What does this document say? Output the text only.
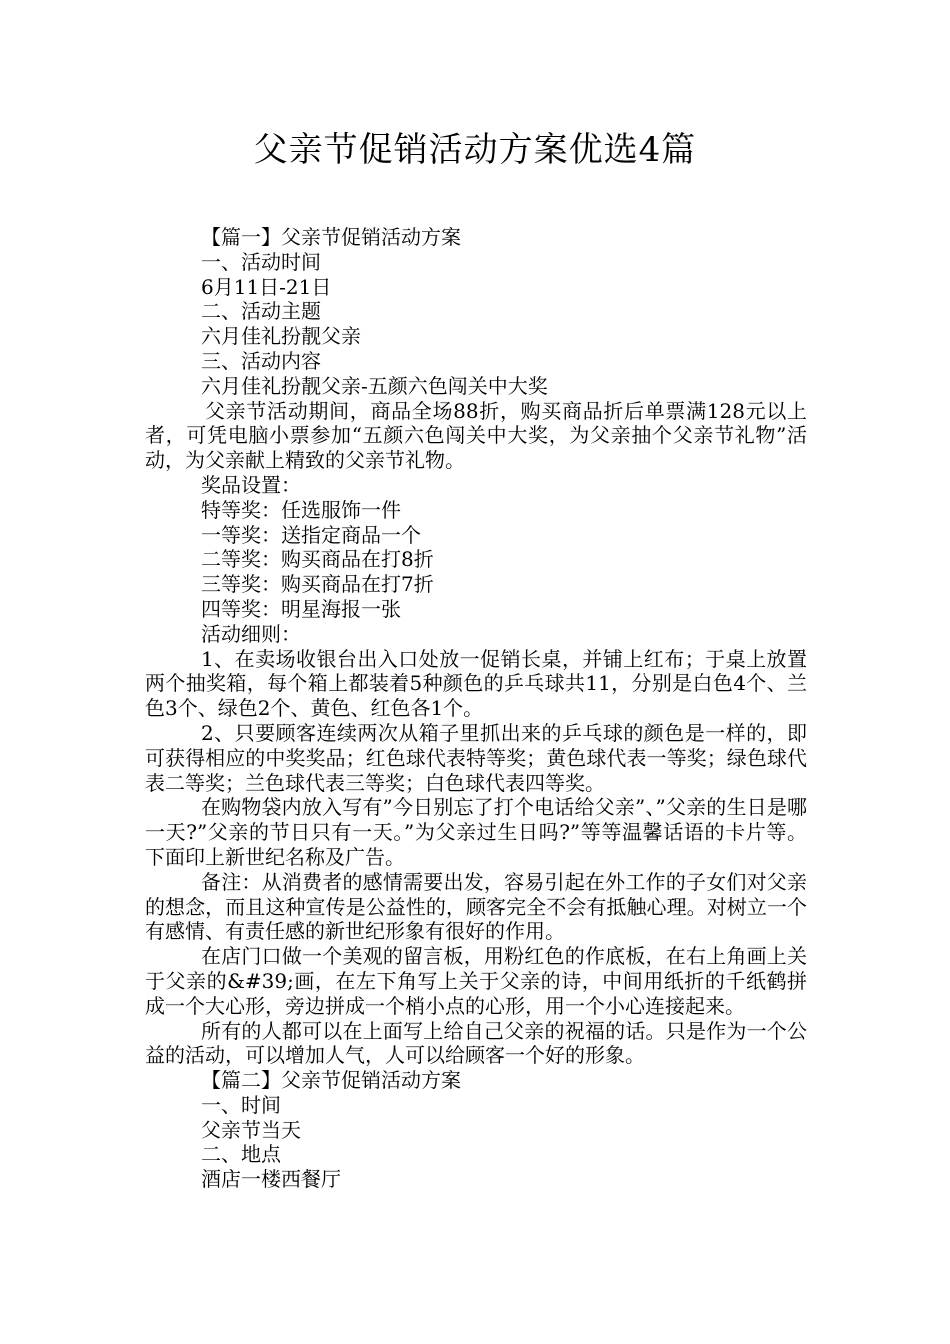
父亲节促销活动方案优选4篇
【篇一】父亲节促销活动方案
一、活动时间
6月11日-21日
二、活动主题
六月佳礼扮靓父亲
三、活动内容
六月佳礼扮靓父亲-五颜六色闯关中大奖
父亲节活动期间，商品全场88折，购买商品折后单票满128元以上者，可凭电脑小票参加“五颜六色闯关中大奖，为父亲抽个父亲节礼物”活动，为父亲献上精致的父亲节礼物。
奖品设置：
特等奖：任选服饰一件
一等奖：送指定商品一个
二等奖：购买商品在打8折
三等奖：购买商品在打7折
四等奖：明星海报一张
活动细则：
1、在卖场收银台出入口处放一促销长桌，并铺上红布；于桌上放置两个抽奖箱，每个箱上都装着5种颜色的乒乓球共11，分别是白色4个、兰色3个、绿色2个、黄色、红色各1个。
2、只要顾客连续两次从箱子里抓出来的乒乓球的颜色是一样的，即可获得相应的中奖奖品；红色球代表特等奖；黄色球代表一等奖；绿色球代表二等奖；兰色球代表三等奖；白色球代表四等奖。
在购物袋内放入写有”今日别忘了打个电话给父亲”、”父亲的生日是哪一天?”父亲的节日只有一天。”为父亲过生日吗?”等等温馨话语的卡片等。下面印上新世纪名称及广告。
备注：从消费者的感情需要出发，容易引起在外工作的子女们对父亲的想念，而且这种宣传是公益性的，顾客完全不会有抵触心理。对树立一个有感情、有责任感的新世纪形象有很好的作用。
在店门口做一个美观的留言板，用粉红色的作底板，在右上角画上关于父亲的&#39;画，在左下角写上关于父亲的诗，中间用纸折的千纸鹤拼成一个大心形，旁边拼成一个梢小点的心形，用一个小心连接起来。
所有的人都可以在上面写上给自己父亲的祝福的话。只是作为一个公益的活动，可以增加人气，人可以给顾客一个好的形象。
【篇二】父亲节促销活动方案
一、时间
父亲节当天
二、地点
酒店一楼西餐厅
